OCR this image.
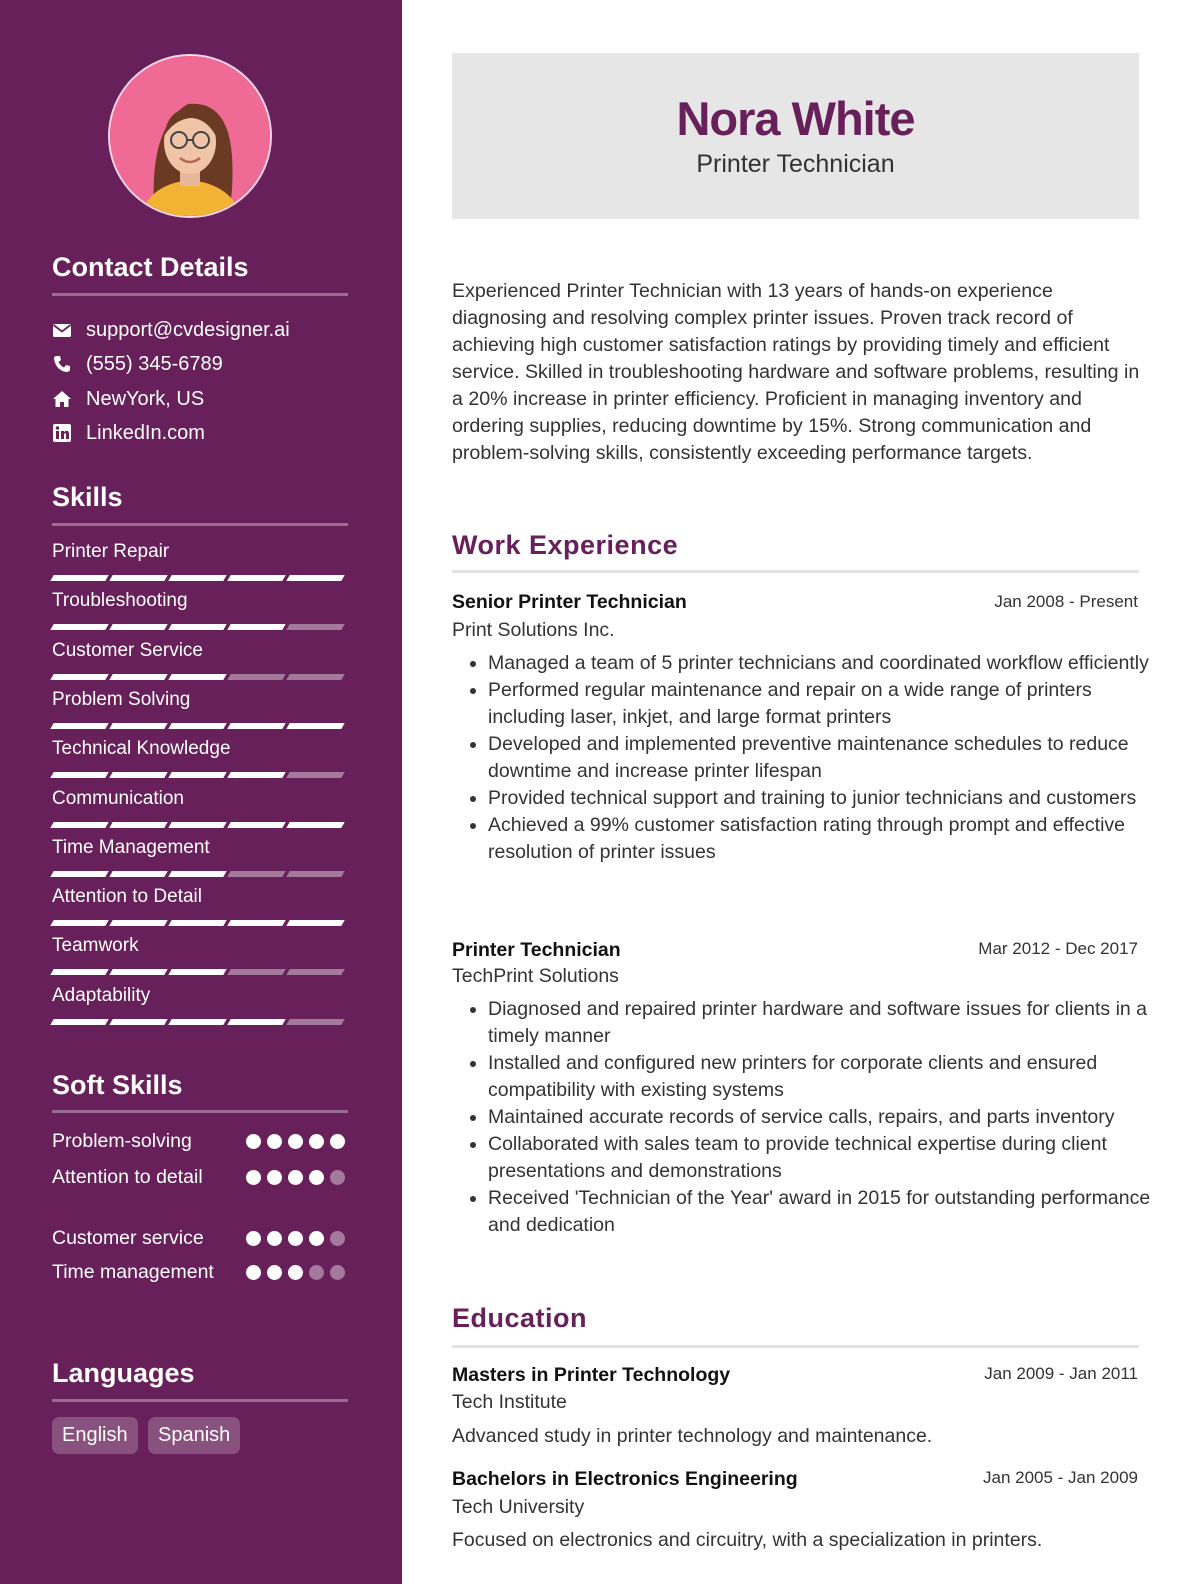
Contact Details
support@cvdesigner.ai
(555) 345-6789
NewYork, US
LinkedIn.com
Skills
Printer Repair
Troubleshooting
Customer Service
Problem Solving
Technical Knowledge
Communication
Time Management
Attention to Detail
Teamwork
Adaptability
Soft Skills
Problem-solving
Attention to detail
Customer service
Time management
Languages
English	Spanish
Nora White
Printer Technician

Experienced Printer Technician with 13 years of hands-on experience diagnosing and resolving complex printer issues. Proven track record of achieving high customer satisfaction ratings by providing timely and efficient service. Skilled in troubleshooting hardware and software problems, resulting in a 20% increase in printer efficiency. Proficient in managing inventory and ordering supplies, reducing downtime by 15%. Strong communication and problem-solving skills, consistently exceeding performance targets.

Work Experience
Senior Printer Technician	Jan 2008 - Present
Print Solutions Inc.
• Managed a team of 5 printer technicians and coordinated workflow efficiently
• Performed regular maintenance and repair on a wide range of printers including laser, inkjet, and large format printers
• Developed and implemented preventive maintenance schedules to reduce downtime and increase printer lifespan
• Provided technical support and training to junior technicians and customers
• Achieved a 99% customer satisfaction rating through prompt and effective resolution of printer issues
Printer Technician	Mar 2012 - Dec 2017
TechPrint Solutions
• Diagnosed and repaired printer hardware and software issues for clients in a timely manner
• Installed and configured new printers for corporate clients and ensured compatibility with existing systems
• Maintained accurate records of service calls, repairs, and parts inventory
• Collaborated with sales team to provide technical expertise during client presentations and demonstrations
• Received 'Technician of the Year' award in 2015 for outstanding performance and dedication
Education
Masters in Printer Technology	Jan 2009 - Jan 2011
Tech Institute
Advanced study in printer technology and maintenance.
Bachelors in Electronics Engineering	Jan 2005 - Jan 2009
Tech University
Focused on electronics and circuitry, with a specialization in printers.
